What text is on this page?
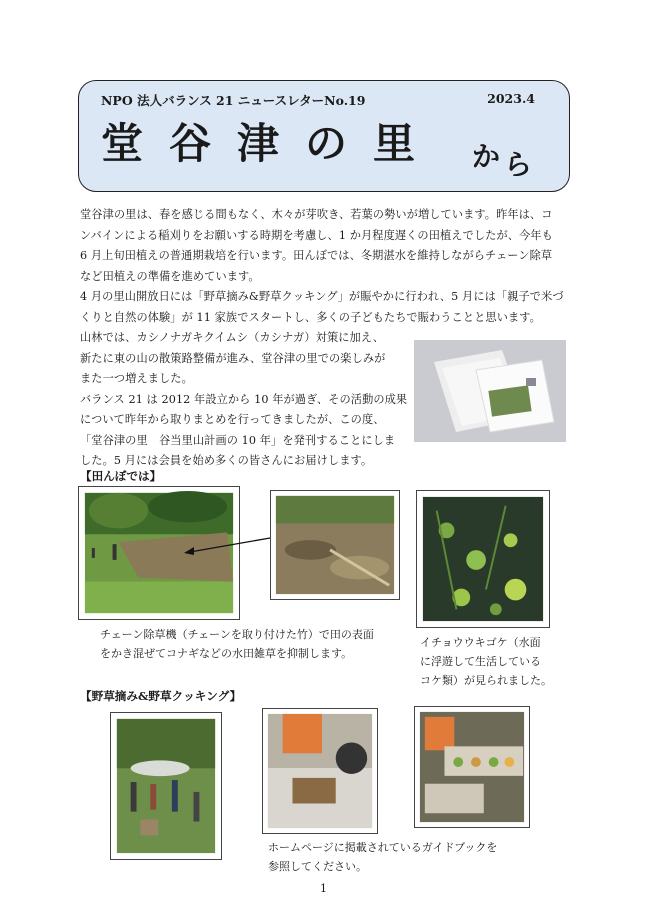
NPO 法人バランス 21 ニュースレターNo.19	2023.4
堂谷津の里 か ら
堂谷津の里は、春を感じる間もなく、木々が芽吹き、若葉の勢いが増しています。昨年は、コ
ンバインによる稲刈りをお願いする時期を考慮し、1 か月程度遅くの田植えでしたが、今年も
6 月上旬田植えの普通期栽培を行います。田んぼでは、冬期湛水を維持しながらチェーン除草
など田植えの準備を進めています。
4 月の里山開放日には「野草摘み&野草クッキング」が賑やかに行われ、5 月には「親子で米づ
くりと自然の体験」が 11 家族でスタートし、多くの子どもたちで賑わうことと思います。
山林では、カシノナガキクイムシ（カシナガ）対策に加え、
新たに東の山の散策路整備が進み、堂谷津の里での楽しみが
また一つ増えました。
バランス 21 は 2012 年設立から 10 年が過ぎ、その活動の成果
について昨年から取りまとめを行ってきましたが、この度、
「堂谷津の里　谷当里山計画の 10 年」を発刊することにしま
した。5 月には会員を始め多くの皆さんにお届けします。
【田んぼでは】
チェーン除草機（チェーンを取り付けた竹）で田の表面
をかき混ぜてコナギなどの水田雑草を抑制します。
イチョウウキゴケ（水面
に浮遊して生活している
コケ類）が見られました。
【野草摘み&野草クッキング】
ホームページに掲載されているガイドブックを
参照してください。
1
